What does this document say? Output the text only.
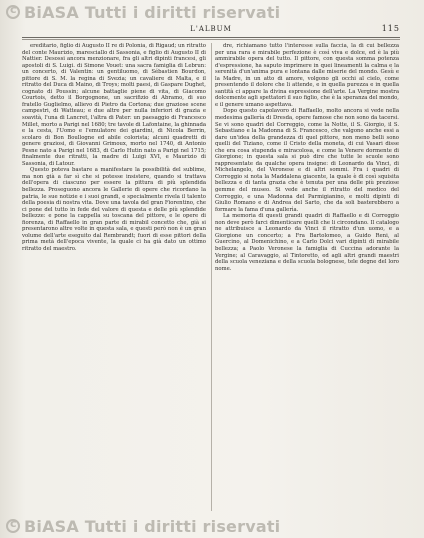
c
BiASA Tutti i diritti riservati
L'ALBUM	115

ereditario, figlio di Augusto II re di Polonia, di Rigaud; un ritratto del conte Maurizio, maresciallo di Sassonia, e figlio di Augusto II di Nattier. Desossi ancora menzionare, fra gli altri dipinti francesi, gli apostoli di S. Luigi. di Simone Vouet: una sacra famiglia di Lebrun: un concerto, di Valentin: un gentiluomo, di Sébastien Bourdon, pittore di S. M. la regina di Svezia; un cavaliere di Malta, e il ritratto del Duca di Maino, di Troys; molti paesi, di Gaspare Dughet, cognato di Poussin; alcune battaglie piene di vita, di Giacomo Courtois, detto il Borgognone, un sacrifizio di Abramo, di suo fratello Guglielmo, allievo di Pietro da Cortona; due graziose scene campestri, di Watteau; e due altre per nulla inferiori di grazia e soavità, l'una di Lancret, l'altra di Pater: un paesaggio di Francesco Millet, morto a Parigi nel 1680; tre tavole di Lafontaine, la ghinnada e la cesta, l'Uomo e l'emulatore dei giardini, di Nicola Berrin, scolaro di Bon Boullogne ed abile colorista; alcuni quadretti di genere graziosi, di Giovanni Grimoux, morto nel 1740, di Antonio Pesne nato a Parigi nel 1683, di Carlo Hutin nato a Parigi nel 1715; finalmente due ritratti, la madre di Luigi XVI, e Maurizio di Sassonia, di Latour.

Questo poteva bastare a manifestare la possibilità del sublime, ma non già a far sì che si potesse insistere, quando si trattava dell'opera di ciascuno per essere la pittura di più splendida bellezza. Proseguono ancora le Gallerie di opere che ricordano la patria, le sue notizie e i suoi grandi, e specialmente rivela il talento della poesia di nostra vita. Dove una tavola del gran Fiorentino, che ci pone del tutto in fede del valore di questa e delle più splendide bellezze: e pone la cappella su toscana del pittore, e le opere di fiorenza, di Raffaello in gran parte di mirabil concetto che, già si presentarono altre volte in questa sala, e questi però non è un gran volume dell'arte eseguito dal Rembrandt; fuori di esse pittori della prima metà dell'epoca vivente, la quale ci ha già dato un ottimo ritratto del maestro.

dre, richiamano tutto l'interesse sulla faccia, la di cui bellezza per una rara e mirabile perfezione è così viva e dolce, ed è la più ammirabile opera del tutto. Il pittore, con questa somma potenza d'espressione, ha saputo imprimere in quei lineamenti la calma e la serenità d'un'anima pura e lontana dalle miserie del mondo. Gesù e la Madre, in un atto di amore, volgono gli occhi al cielo, come presentendo il dolore che li attende, e in quella purezza e in quella santità ci appare la divina espressione dell'arte. La Vergine mostra dolcemente agli spettatori il suo figlio, che è la speranza del mondo, e il genere umano aspettava.

Dopo questo capolavoro di Raffaello, molto ancora si vede nella medesima gallerìa di Dresda, opere famose che non sono da tacersi. Se vi sono quadri del Correggio, come la Notte, il S. Giorgio, il S. Sebastiano e la Madonna di S. Francesco, che valgono anche essi a dare un'idea della grandezza di quel pittore, non meno belli sono quelli del Tiziano, come il Cristo della moneta, di cui Vasari disse che era cosa stupenda e miracolosa, e come la Venere dormente di Giorgione; in questa sala si può dire che tutte le scuole sono rappresentate da qualche opera insigne: di Leonardo da Vinci, di Michelangelo, del Veronese e di altri sommi. Fra i quadri di Correggio si nota la Maddalena giacente, la quale è di così squisita bellezza e di tanta grazia che è tenuta per una delle più preziose gemme del museo. Si vede anche il ritratto del medico del Correggio, e una Madonna del Parmigianino, e molti dipinti di Giulio Romano e di Andrea del Sarto, che da soli basterebbero a formare la fama d'una gallerìa.

La memoria di questi grandi quadri di Raffaello e di Correggio non deve però farci dimenticare quelli che li circondano. Il catalogo ne attribuisce a Leonardo da Vinci il ritratto d'un uomo, e a Giorgione un concerto; a Fra Bartolomeo, a Guido Reni, al Guercino, al Domenichino, e a Carlo Dolci vari dipinti di mirabile bellezza; a Paolo Veronese la famiglia di Cuccina adorante la Vergine; al Caravaggio, al Tintoretto, ed agli altri grandi maestri della scuola veneziana e della scuola bolognese, tele degne del loro nome.

c
BiASA Tutti i diritti riservati
